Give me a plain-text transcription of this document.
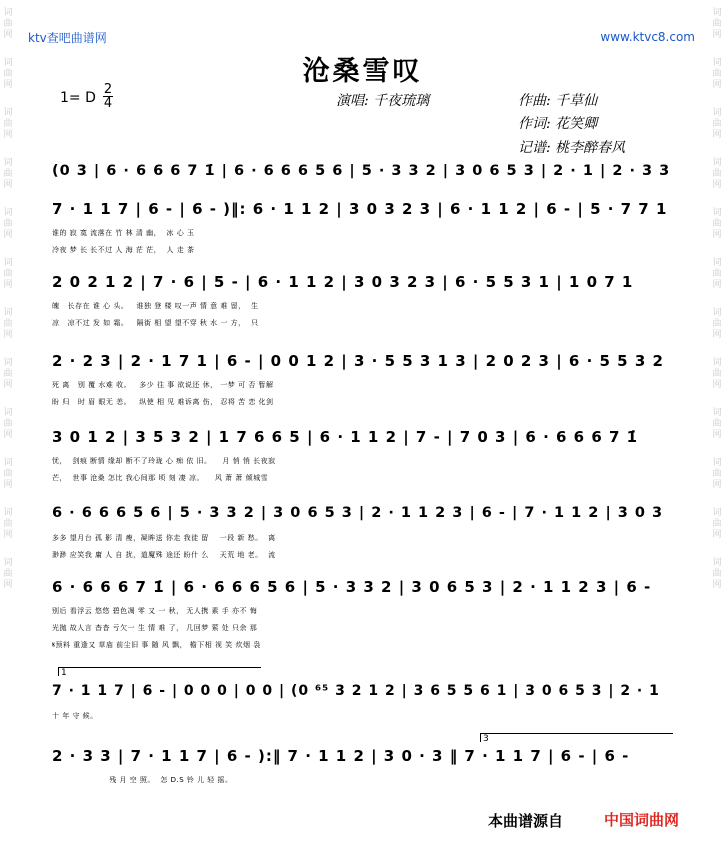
词
曲
网
词
曲
网
词
曲
网
词
曲
网
词
曲
网
词
曲
网
词
曲
网
词
曲
网
词
曲
网
词
曲
网
词
曲
网
词
曲
网
词
曲
网
词
曲
网
词
曲
网
词
曲
网
词
曲
网
词
曲
网
词
曲
网
词
曲
网
词
曲
网
词
曲
网
词
曲
网
词
曲
网
ktv查吧曲谱网	www.ktvc8.com
沧桑雪叹
1= D
2
4	演唱: 千夜琉璃	作曲: 千草仙
作词: 花笑卿
记谱: 桃李醉春风
(0 3 | 6 · 6 6 6 7 1̇ | 6 · 6 6 6 5 6 | 5 · 3 3 2 | 3 0 6 5 3 | 2 · 1 | 2 · 3 3
7 · 1 1 7 | 6 - | 6 - )‖: 6 · 1 1 2 | 3 0 3 2 3 | 6 · 1 1 2 | 6 - | 5 · 7 7 1
谁的 寂 寞 流落在 竹 林 清 幽，  冰 心 玉
冷夜 梦 长 长不过 人 海 茫 茫，  人 走 茶
2 0 2 1 2 | 7 · 6 | 5 - | 6 · 1 1 2 | 3 0 3 2 3 | 6 · 5 5 3 1 | 1 0 7 1
魄   长存在 谁 心 头。   谁独 登 楼 叹一声 情 意 难 留，  生
凉   凉不过 发 如 霜。   隔街 相 望 望不穿 秋 水 一 方，  只
2 · 2 3 | 2 · 1 7 1 | 6 - | 0 0 1 2 | 3 · 5 5 3 1 3 | 2 0 2 3 | 6 · 5 5 3 2
死 离   别 覆 水难 收。   多少 往 事 欲说还 休， 一梦 可 否 暂解
盼 归   时 眉 眼无 恙。   纵使 相 见 难诉离 伤， 忍将 苦 恋 化剑
3 0 1 2 | 3 5 3 2 | 1 7 6 6 5 | 6 · 1 1 2 | 7 - | 7 0 3 | 6 · 6 6 6 7 1̇
忧，  剑痕 断情 缘却 断不了玲珑 心 痴 依 旧。    月 悄 悄 长夜寂
芒，  世事 沧桑 怎比 我心间那 顷 刻 凄 凉。    风 萧 萧 倾城雪
6 · 6 6 6 5 6 | 5 · 3 3 2 | 3 0 6 5 3 | 2 · 1 1 2 3 | 6 - | 7 · 1 1 2 | 3 0 3
多多 望月台 孤 影 清 瘦，凝眸送 你走 我徒 留    一段 新 愁。  离
渺渺 应笑我 庸 人 自 扰，道魔殊 途还 盼什 么    天荒 地 老。  流
6 · 6 6 6 7 1̇ | 6 · 6 6 6 5 6 | 5 · 3 3 2 | 3 0 6 5 3 | 2 · 1 1 2 3 | 6 -
别后 看浮云 悠悠 碧色凋 零 又 一 秋， 无人携 素 手 亦不 悔
光抛 故人言 杳杳 亏欠一 生 情 难 了， 几回梦 萦 处 只余 那
𝄋预料 重逢又 草庙 前尘旧 事 随 风 飘， 檐下相 视 笑 炊烟 袅
7 · 1 1 7 | 6 - | 0 0 0 | 0 0 | (0 ⁶⁵ 3 2 1 2 | 3 6 5 5 6 1 | 3 0 6 5 3 | 2 · 1
十 年 守 候。
2 · 3 3 | 7 · 1 1 7 | 6 - ):‖ 7 · 1 1 2 | 3 0 · 3 ‖ 7 · 1 1 7 | 6 - | 6 -
残 月 空 照。  怎 D.S 铃 儿 轻 摇。
1
3
本曲谱源自	中国词曲网
